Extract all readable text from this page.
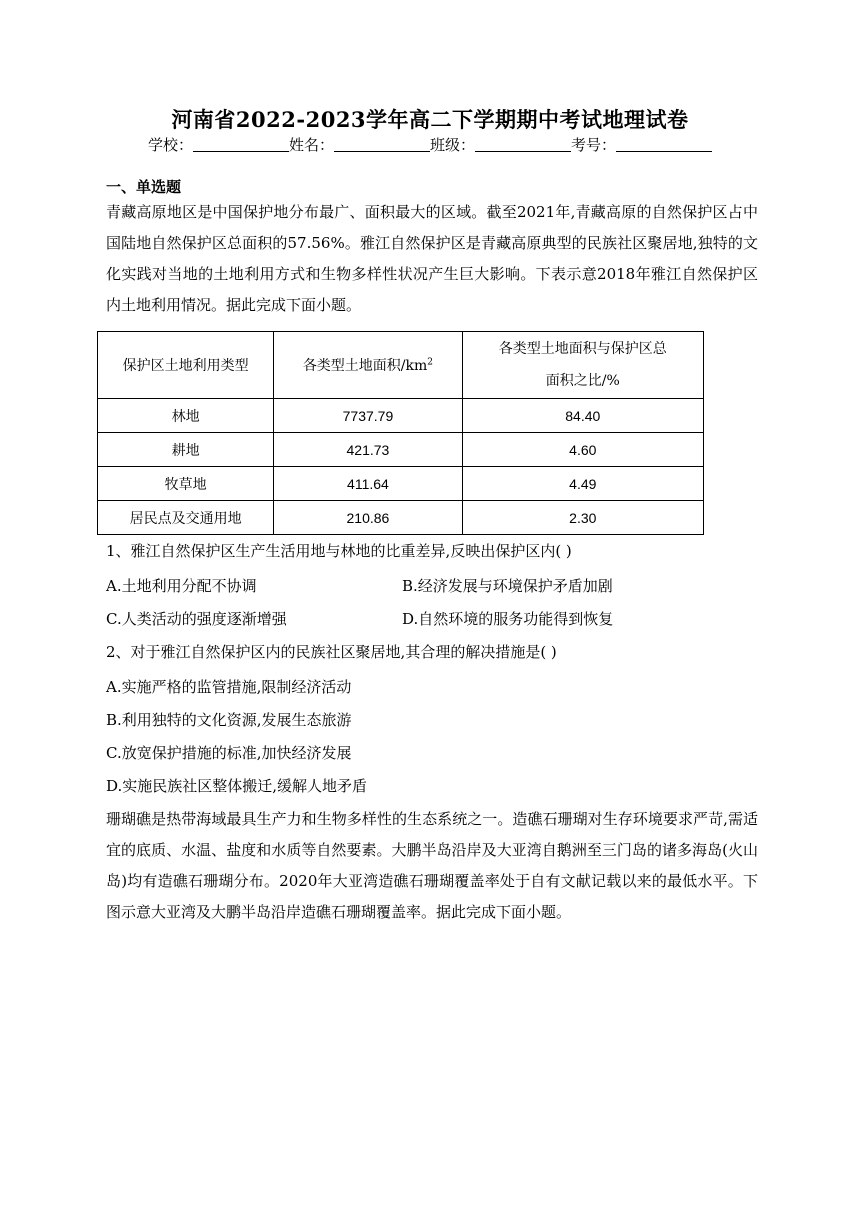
河南省2022-2023学年高二下学期期中考试地理试卷
学校：	姓名：	班级：	考号：
一、单选题
青藏高原地区是中国保护地分布最广、面积最大的区域。截至2021年,青藏高原的自然保护区占中国陆地自然保护区总面积的57.56%。雅江自然保护区是青藏高原典型的民族社区聚居地,独特的文化实践对当地的土地利用方式和生物多样性状况产生巨大影响。下表示意2018年雅江自然保护区内土地利用情况。据此完成下面小题。
保护区土地利用类型	各类型土地面积$/km^2$	各类型土地面积与保护区总
面积之比/%
林地	7737.79	84.40
耕地	421.73	4.60
牧草地	411.64	4.49
居民点及交通用地	210.86	2.30
1、雅江自然保护区生产生活用地与林地的比重差异,反映出保护区内( )
A.土地利用分配不协调	B.经济发展与环境保护矛盾加剧
C.人类活动的强度逐渐增强	D.自然环境的服务功能得到恢复
2、对于雅江自然保护区内的民族社区聚居地,其合理的解决措施是( )
A.实施严格的监管措施,限制经济活动
B.利用独特的文化资源,发展生态旅游
C.放宽保护措施的标准,加快经济发展
D.实施民族社区整体搬迁,缓解人地矛盾
珊瑚礁是热带海域最具生产力和生物多样性的生态系统之一。造礁石珊瑚对生存环境要求严苛,需适宜的底质、水温、盐度和水质等自然要素。大鹏半岛沿岸及大亚湾自鹅洲至三门岛的诸多海岛(火山岛)均有造礁石珊瑚分布。2020年大亚湾造礁石珊瑚覆盖率处于自有文献记载以来的最低水平。下图示意大亚湾及大鹏半岛沿岸造礁石珊瑚覆盖率。据此完成下面小题。
